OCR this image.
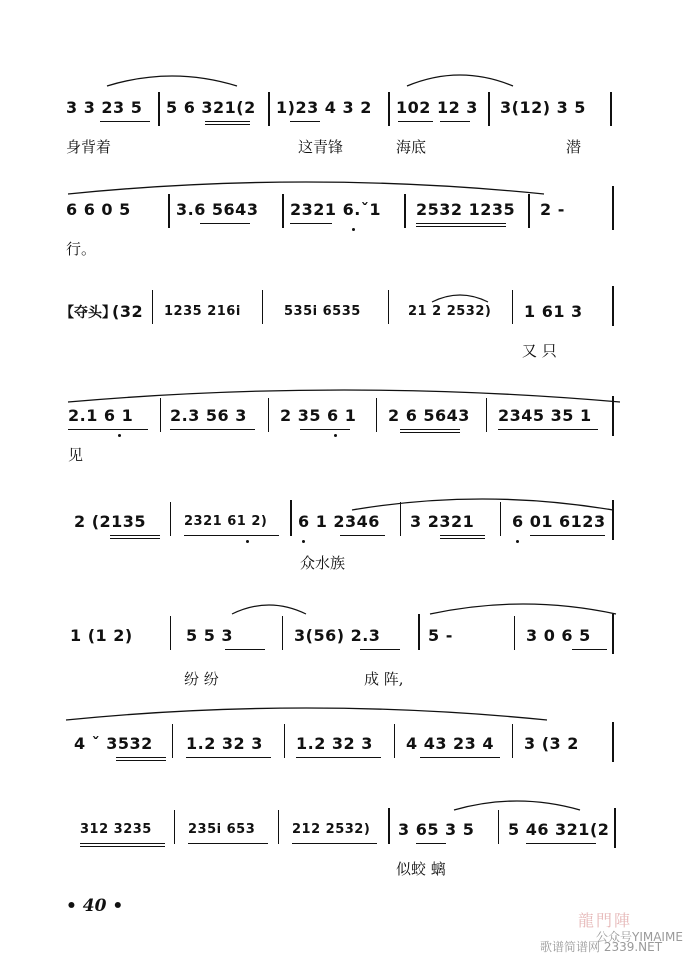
3 3 23 5 5 6 321(2 1)23 4 3 2 102 12 3 3(12) 3 5
身背着	这青锋	海底	潜
6 6 0 5	3.6 5643 2321 6.ˇ1 2532 1235 2 -
行。
【夺头】
(32 1235 216i	535i 6535	21 2 2532) 1 61 3
又 只
2.1 6 1 2.3 56 3 2 35 6 1 2 6 5643 2345 35 1
见
2 (2135	2321 61 2) 6 1 2346 3 2321 6 01 6123
众水族
1 (1 2)	5 5 3	3(56) 2.3	5 -	3 0 6 5
纷 纷	成 阵,
4 ˇ 3532 1.2 32 3 1.2 32 3 4 43 23 4 3 (3 2
312 3235	235i 653	212 2532) 3 65 3 5 5 46 321(2
似蛟 螭
• 40 •
龍門陣
公众号YIMAIME
歌谱简谱网 2339.NET
